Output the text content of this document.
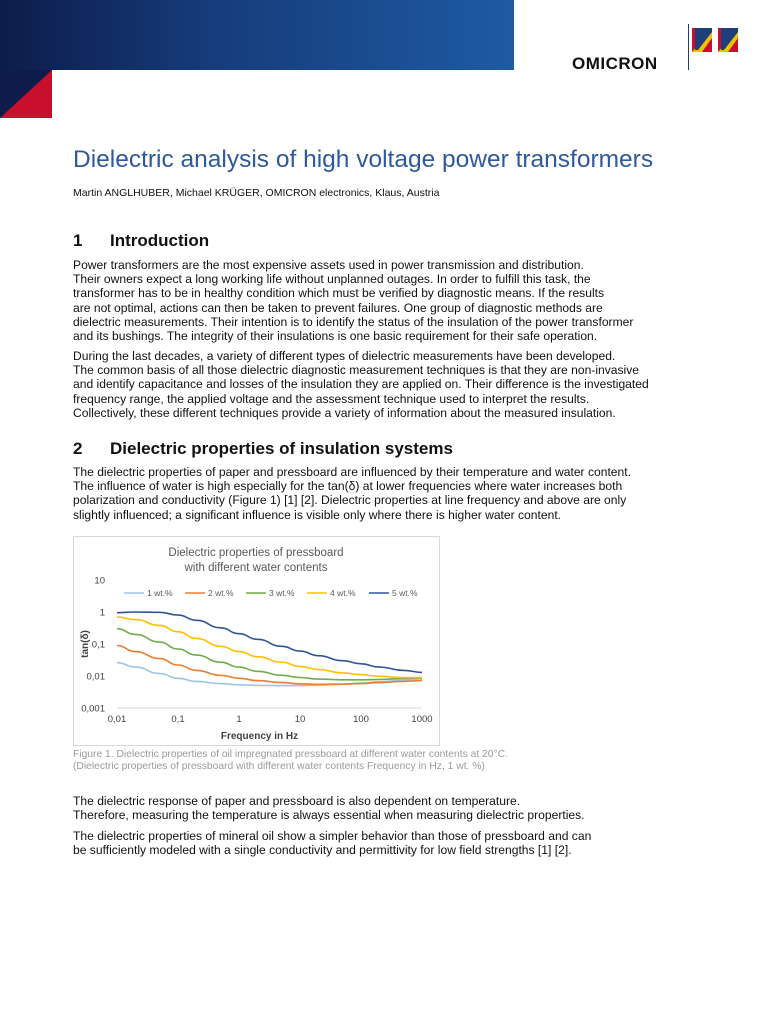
OMICRON
Dielectric analysis of high voltage power transformers
Martin ANGLHUBER, Michael KRÜGER, OMICRON electronics, Klaus, Austria
1 Introduction
Power transformers are the most expensive assets used in power transmission and distribution.
Their owners expect a long working life without unplanned outages. In order to fulfill this task, the
transformer has to be in healthy condition which must be verified by diagnostic means. If the results
are not optimal, actions can then be taken to prevent failures. One group of diagnostic methods are
dielectric measurements. Their intention is to identify the status of the insulation of the power transformer
and its bushings. The integrity of their insulations is one basic requirement for their safe operation.
During the last decades, a variety of different types of dielectric measurements have been developed.
The common basis of all those dielectric diagnostic measurement techniques is that they are non-invasive
and identify capacitance and losses of the insulation they are applied on. Their difference is the investigated
frequency range, the applied voltage and the assessment technique used to interpret the results.
Collectively, these different techniques provide a variety of information about the measured insulation.
2 Dielectric properties of insulation systems
The dielectric properties of paper and pressboard are influenced by their temperature and water content.
The influence of water is high especially for the tan(δ) at lower frequencies where water increases both
polarization and conductivity (Figure 1) [1] [2]. Dielectric properties at line frequency and above are only
slightly influenced; a significant influence is visible only where there is higher water content.
Dielectric properties of pressboard
with different water contents
0,001
0,01
0,1
1
10
0,01	0,1	1	10	100	1000
Frequency in Hz
tan(δ)
1 wt.%	2 wt.%	3 wt.%	4 wt.%	5 wt.%
Figure 1. Dielectric properties of oil impregnated pressboard at different water contents at 20°C.
(Dielectric properties of pressboard with different water contents Frequency in Hz, 1 wt. %)
The dielectric response of paper and pressboard is also dependent on temperature.
Therefore, measuring the temperature is always essential when measuring dielectric properties.
The dielectric properties of mineral oil show a simpler behavior than those of pressboard and can
be sufficiently modeled with a single conductivity and permittivity for low field strengths [1] [2].
